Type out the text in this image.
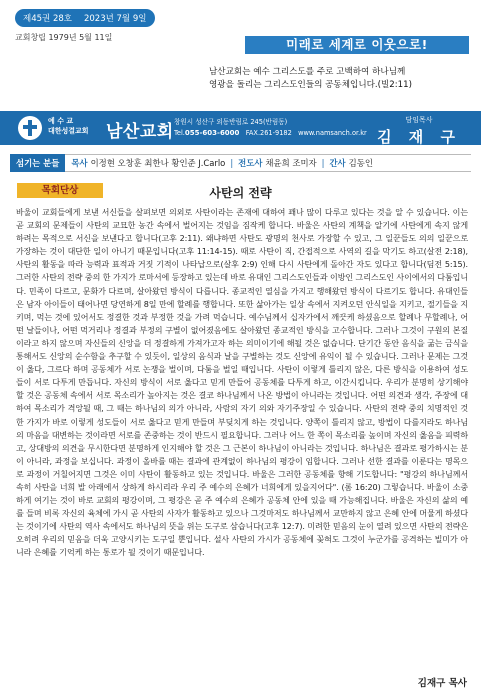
제45권 28호	2023년 7월 9일
교회창립 1979년 5월 11일	미래로 세계로 이웃으로!
남산교회는 예수 그리스도를 주로 고백하여 하나님께
영광을 돌리는 그리스도인들의 공동체입니다.(빌2:11)
예 수 교
대한성결교회 남산교회 창원시 성산구 외동반림로 245(반림동)
Tel.055-603-6000 FAX.261-9182 www.namsanch.or.kr
담임목사
김 재 구
섬기는 분들	목사 이정현 오창훈 최한나 황인준 J.Carlo | 전도사 채윤희 조미자 | 간사 김동인
목회단상	사탄의 전략
바울이 교회들에게 보낸 서신들을 살펴보면 의외로 사탄이라는 존재에 대하여 꽤나 많이 다루고 있다는 것을 알 수 있습니다. 이는 곧 교회의 문제들이 사탄의 교묘한 농간 속에서 벌어지는 것임을 짐작케 합니다. 바울은 사탄의 계책을 알기에 사탄에게 속지 않게 하려는 목적으로 서신을 보낸다고 합니다(고후 2:11). 왜냐하면 사탄도 광명의 천사로 가장할 수 있고, 그 일꾼들도 의의 일꾼으로 가장하는 것이 대단한 일이 아니기 때문입니다(고후 11:14-15). 때로 사탄이 직, 간접적으로 사역의 길을 막기도 하고(살전 2:18), 사탄의 활동을 따라 능력과 표적과 거짓 기적이 나타납으로(살후 2:9) 인해 다시 사탄에게 돌아간 자도 있다고 합니다(딤전 5:15). 그러한 사탄의 전략 중의 한 가지가 로마서에 등장하고 있는데 바로 유대인 그리스도인들과 이방인 그리스도인 사이에서의 다툼입니다. 민족이 다르고, 문화가 다르며, 살아왔던 방식이 다릅니다. 종교적인 열심을 가지고 행해왔던 방식이 다르기도 합니다. 유대인들은 남자 아이들이 태어나면 당연하게 8일 만에 할례를 행합니다. 또한 삶아가는 일상 속에서 지켜오던 안식일을 지키고, 절기들을 지키며, 먹는 것에 있어서도 정결한 것과 부정한 것을 가려 먹습니다. 예수님께서 십자가에서 깨끗케 하셨음으로 할례나 무할례나, 어떤 날들이나, 어떤 먹거리나 정결과 부정의 구별이 없어졌음에도 살아왔던 종교적인 방식을 고수합니다. 그러나 그것이 구원의 본질이라고 하지 않으며 자신들의 신앙을 더 정결하게 가져가고자 하는 의미이기에 해될 것은 없습니다. 단기간 동안 음식을 굶는 금식을 통해서도 신앙의 순수함을 추구할 수 있듯이, 일상의 음식과 날을 구별하는 것도 신앙에 유익이 될 수 있습니다. 그러나 문제는 그것이 옳다, 그르다 하며 공동체가 서로 논쟁을 벌이며, 다툼을 벌일 때입니다. 사탄이 이렇게 틀리지 않은, 다른 방식을 이용하여 성도들이 서로 다투게 만듭니다. 자신의 방식이 서로 옳다고 믿게 만들어 공동체를 다투게 하고, 이간시킵니다. 우리가 분명히 상기해야 할 것은 공동체 속에서 서로 목소리가 높아지는 것은 결코 하나님께서 나온 방법이 아니라는 것입니다. 어떤 의견과 생각, 주장에 대하여 목소리가 격앙될 때, 그 때는 하나님의 의가 아니라, 사람의 자기 의와 자기주장일 수 있습니다. 사탄의 전략 중의 치명적인 것 한 가지가 바로 이렇게 성도들이 서로 옳다고 믿게 만들며 부딪치게 하는 것입니다. 양쪽이 틀리지 않고, 방법이 다를지라도 하나님의 마음을 대변하는 것이라면 서로를 존중하는 것이 반드시 필요합니다. 그러나 어느 한 쪽이 목소리를 높이며 자신의 옳음을 피력하고, 상대방의 의견을 무시한다면 분명하게 인지해야 할 것은 그 근본이 하나님이 아니라는 것입니다. 하나님은 결과로 평가하시는 분이 아니라, 과정을 보십니다. 과정이 올바를 때는 결과에 관계없이 하나님의 평강이 임합니다. 그러나 선한 결과를 이룬다는 명목으로 과정이 거칠어지면 그것은 이미 사탄이 활동하고 있는 것입니다. 바울은 그러한 공동체를 향해 기도합니다: "평강의 하나님께서 속히 사탄을 너희 발 아래에서 상하게 하시리라 우리 주 예수의 은혜가 너희에게 있을지어다". (롬 16:20) 그렇습니다. 바울이 소중하게 여기는 것이 바로 교회의 평강이며, 그 평강은 곧 주 예수의 은혜가 공동체 안에 있을 때 가능해집니다. 바울은 자신의 삶의 예를 들며 비록 자신의 육체에 가시 곧 사탄의 사자가 활동하고 있으나 그것마저도 하나님께서 교만하지 않고 은혜 안에 머물게 하셨다는 것이기에 사탄의 역사 속에서도 하나님의 뜻을 위는 도구로 삼습니다(고후 12:7). 미려한 믿음의 눈이 열려 있으면 사탄의 전략은 오히려 우리의 믿음을 더욱 고양시키는 도구일 뿐입니다. 설사 사탄의 가시가 공동체에 꽂혀도 그것이 누군가를 공격하는 빌미가 아니라 은혜를 기억케 하는 통로가 될 것이기 때문입니다.
김재구 목사
